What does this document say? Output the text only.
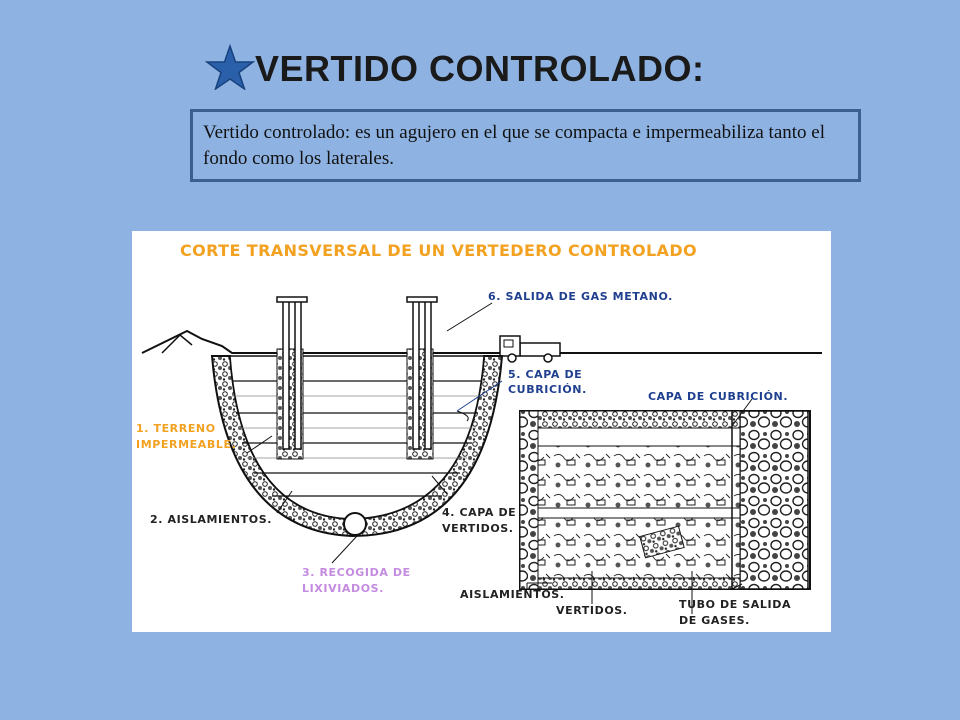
VERTIDO CONTROLADO:
Vertido controlado: es un agujero en el que se compacta e impermeabiliza tanto el fondo como los laterales.
CORTE TRANSVERSAL DE UN VERTEDERO CONTROLADO
6. SALIDA DE GAS METANO.
5. CAPA DE
CUBRICIÓN.
CAPA DE CUBRICIÓN.
1. TERRENO
IMPERMEABLE.
2. AISLAMIENTOS.
4. CAPA DE
VERTIDOS.
3. RECOGIDA DE
LIXIVIADOS.	AISLAMIENTOS.
VERTIDOS.	TUBO DE SALIDA
DE GASES.
